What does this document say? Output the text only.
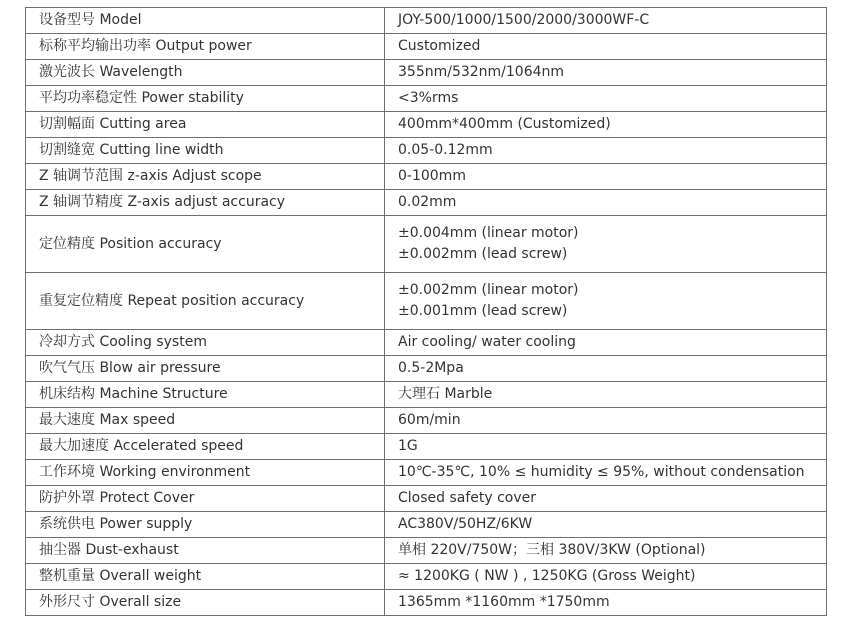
设备型号 Model	JOY-500/1000/1500/2000/3000WF-C

标称平均输出功率 Output power	Customized

激光波长 Wavelength	355nm/532nm/1064nm

平均功率稳定性 Power stability	<3%rms

切割幅面 Cutting area	400mm*400mm (Customized)

切割缝宽 Cutting line width	0.05-0.12mm

Z 轴调节范围 z-axis Adjust scope	0-100mm

Z 轴调节精度 Z-axis adjust accuracy	0.02mm

定位精度 Position accuracy	±0.004mm (linear motor)
±0.002mm (lead screw)

重复定位精度 Repeat position accuracy	±0.002mm (linear motor)
±0.001mm (lead screw)

冷却方式 Cooling system	Air cooling/ water cooling

吹气气压 Blow air pressure	0.5-2Mpa

机床结构 Machine Structure	大理石 Marble

最大速度 Max speed	60m/min

最大加速度 Accelerated speed	1G

工作环境 Working environment	10℃-35℃, 10% ≤ humidity ≤ 95%, without condensation

防护外罩 Protect Cover	Closed safety cover

系统供电 Power supply	AC380V/50HZ/6KW

抽尘器 Dust-exhaust	单相 220V/750W；三相 380V/3KW (Optional)

整机重量 Overall weight	≈ 1200KG ( NW ) , 1250KG (Gross Weight)

外形尺寸 Overall size	1365mm *1160mm *1750mm
